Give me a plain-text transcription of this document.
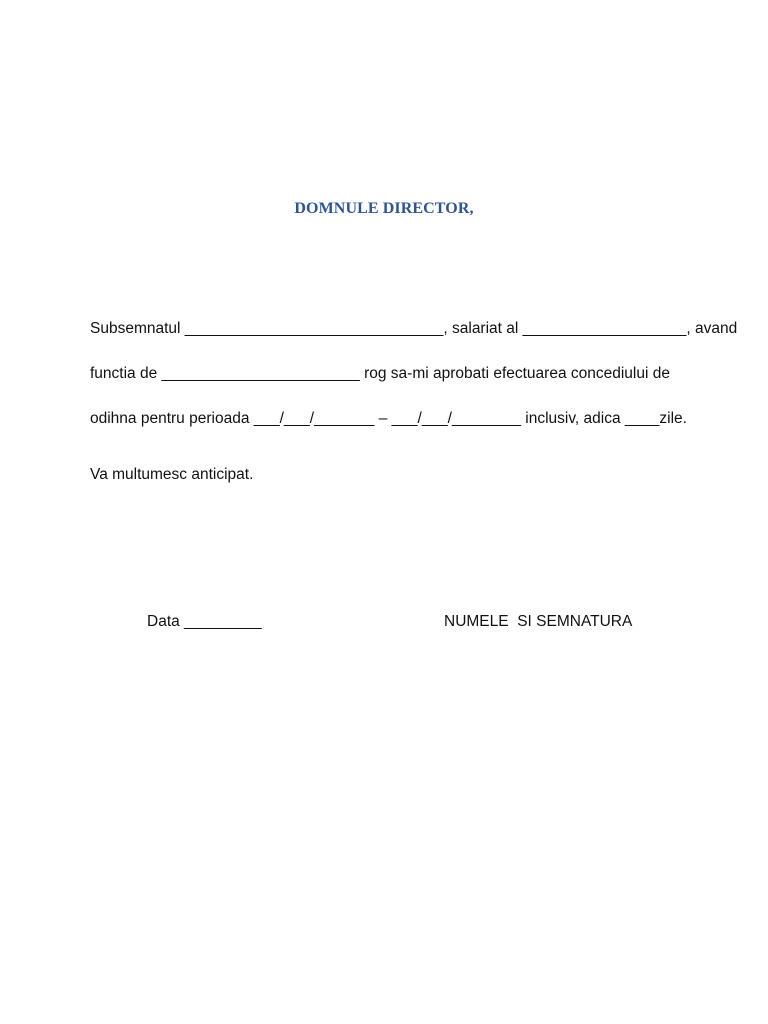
DOMNULE DIRECTOR,
Subsemnatul ______________________________, salariat al ___________________, avand
functia de _______________________ rog sa-mi aprobati efectuarea concediului de
odihna pentru perioada ___/___/_______ – ___/___/________ inclusiv, adica ____zile.
Va multumesc anticipat.
Data _________	NUMELE  SI SEMNATURA
